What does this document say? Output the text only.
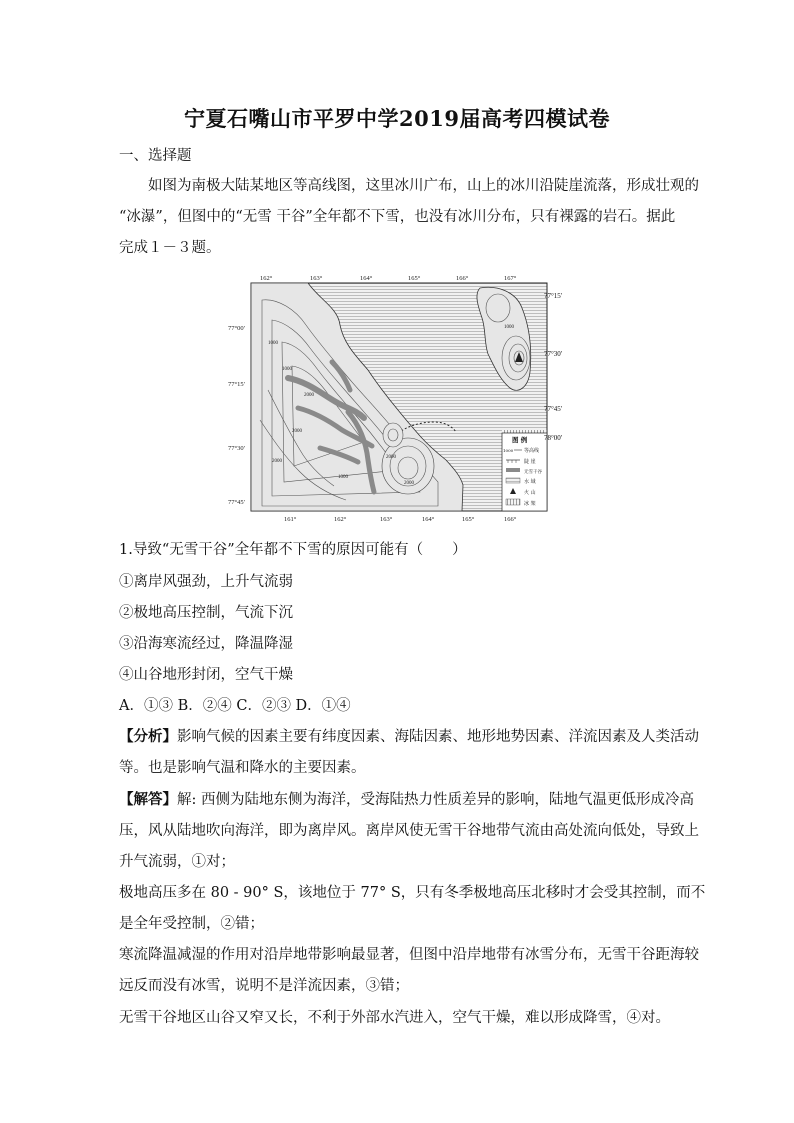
宁夏石嘴山市平罗中学2019届高考四模试卷
一、选择题
如图为南极大陆某地区等高线图，这里冰川广布，山上的冰川沿陡崖流落，形成壮观的
“冰瀑”，但图中的“无雪 干谷”全年都不下雪，也没有冰川分布，只有裸露的岩石。据此
完成１－３题。
162°	163°	164°	165°	166°	167°
161°	162°	163°	164°	165°	166°
77°00′
77°15′
77°30′
77°45′
1000
1000
2000
2000
2000
1000
2000
2000
1000
图 例
1000 等高线
陡 崖
无雪干谷
水 域
火 山
冰 架
77°15′
77°30′
77°45′
78°00′
1.导致“无雪干谷”全年都不下雪的原因可能有（　　）
①离岸风强劲，上升气流弱
②极地高压控制，气流下沉
③沿海寒流经过，降温降湿
④山谷地形封闭，空气干燥
A．①③ B．②④ C．②③ D．①④
【分析】影响气候的因素主要有纬度因素、海陆因素、地形地势因素、洋流因素及人类活动
等。也是影响气温和降水的主要因素。
【解答】解: 西侧为陆地东侧为海洋，受海陆热力性质差异的影响，陆地气温更低形成冷高
压，风从陆地吹向海洋，即为离岸风。离岸风使无雪干谷地带气流由高处流向低处，导致上
升气流弱，①对；
极地高压多在 80 - 90° S，该地位于 77° S，只有冬季极地高压北移时才会受其控制，而不
是全年受控制，②错；
寒流降温减湿的作用对沿岸地带影响最显著，但图中沿岸地带有冰雪分布，无雪干谷距海较
远反而没有冰雪，说明不是洋流因素，③错；
无雪干谷地区山谷又窄又长，不利于外部水汽进入，空气干燥，难以形成降雪，④对。
